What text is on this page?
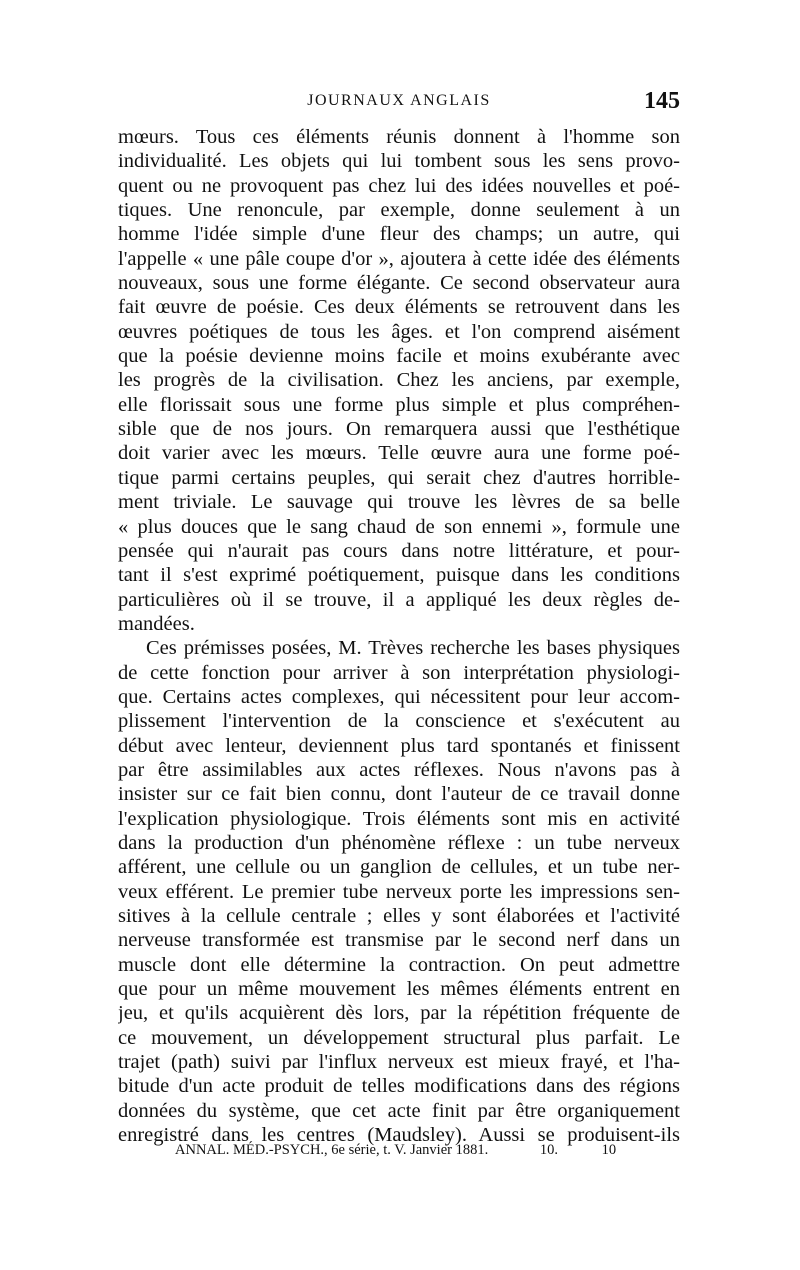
JOURNAUX ANGLAIS	145
mœurs. Tous ces éléments réunis donnent à l'homme son
individualité. Les objets qui lui tombent sous les sens provo-
quent ou ne provoquent pas chez lui des idées nouvelles et poé-
tiques. Une renoncule, par exemple, donne seulement à un
homme l'idée simple d'une fleur des champs; un autre, qui
l'appelle « une pâle coupe d'or », ajoutera à cette idée des éléments
nouveaux, sous une forme élégante. Ce second observateur aura
fait œuvre de poésie. Ces deux éléments se retrouvent dans les
œuvres poétiques de tous les âges. et l'on comprend aisément
que la poésie devienne moins facile et moins exubérante avec
les progrès de la civilisation. Chez les anciens, par exemple,
elle florissait sous une forme plus simple et plus compréhen-
sible que de nos jours. On remarquera aussi que l'esthétique
doit varier avec les mœurs. Telle œuvre aura une forme poé-
tique parmi certains peuples, qui serait chez d'autres horrible-
ment triviale. Le sauvage qui trouve les lèvres de sa belle
« plus douces que le sang chaud de son ennemi », formule une
pensée qui n'aurait pas cours dans notre littérature, et pour-
tant il s'est exprimé poétiquement, puisque dans les conditions
particulières où il se trouve, il a appliqué les deux règles de-
mandées.
Ces prémisses posées, M. Trèves recherche les bases physiques
de cette fonction pour arriver à son interprétation physiologi-
que. Certains actes complexes, qui nécessitent pour leur accom-
plissement l'intervention de la conscience et s'exécutent au
début avec lenteur, deviennent plus tard spontanés et finissent
par être assimilables aux actes réflexes. Nous n'avons pas à
insister sur ce fait bien connu, dont l'auteur de ce travail donne
l'explication physiologique. Trois éléments sont mis en activité
dans la production d'un phénomène réflexe : un tube nerveux
afférent, une cellule ou un ganglion de cellules, et un tube ner-
veux efférent. Le premier tube nerveux porte les impressions sen-
sitives à la cellule centrale ; elles y sont élaborées et l'activité
nerveuse transformée est transmise par le second nerf dans un
muscle dont elle détermine la contraction. On peut admettre
que pour un même mouvement les mêmes éléments entrent en
jeu, et qu'ils acquièrent dès lors, par la répétition fréquente de
ce mouvement, un développement structural plus parfait. Le
trajet (path) suivi par l'influx nerveux est mieux frayé, et l'ha-
bitude d'un acte produit de telles modifications dans des régions
données du système, que cet acte finit par être organiquement
enregistré dans les centres (Maudsley). Aussi se produisent-ils
ANNAL. MÉD.-PSYCH., 6e série, t. V. Janvier 1881.	10.	10
